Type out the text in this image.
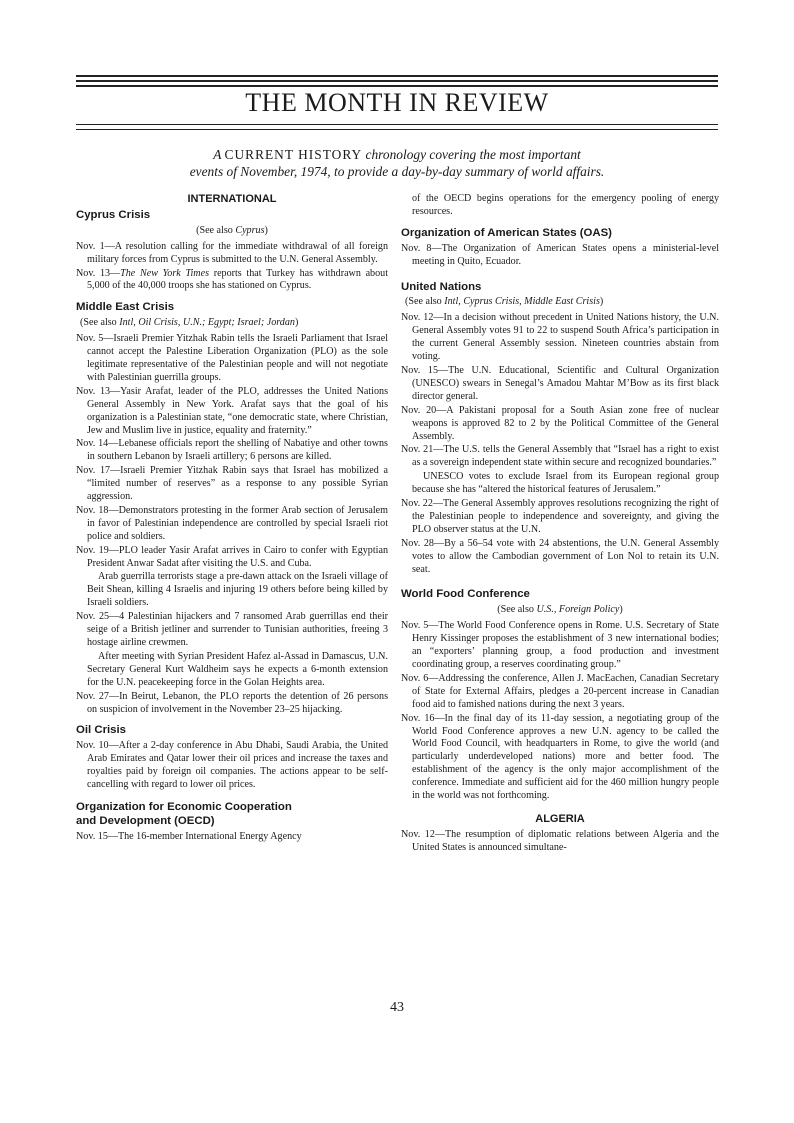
THE MONTH IN REVIEW
A CURRENT HISTORY chronology covering the most important
events of November, 1974, to provide a day-by-day summary of world affairs.
INTERNATIONAL
Cyprus Crisis
(See also Cyprus)
Nov. 1—A resolution calling for the immediate withdrawal of all foreign military forces from Cyprus is submitted to the U.N. General Assembly.
Nov. 13—The New York Times reports that Turkey has withdrawn about 5,000 of the 40,000 troops she has stationed on Cyprus.
Middle East Crisis
(See also Intl, Oil Crisis, U.N.; Egypt; Israel; Jordan)
Nov. 5—Israeli Premier Yitzhak Rabin tells the Israeli Parliament that Israel cannot accept the Palestine Liberation Organization (PLO) as the sole legitimate representative of the Palestinian people and will not negotiate with Palestinian guerrilla groups.
Nov. 13—Yasir Arafat, leader of the PLO, addresses the United Nations General Assembly in New York. Arafat says that the goal of his organization is a Palestinian state, “one democratic state, where Christian, Jew and Muslim live in justice, equality and fraternity.”
Nov. 14—Lebanese officials report the shelling of Nabatiye and other towns in southern Lebanon by Israeli artillery; 6 persons are killed.
Nov. 17—Israeli Premier Yitzhak Rabin says that Israel has mobilized a “limited number of reserves” as a response to any possible Syrian aggression.
Nov. 18—Demonstrators protesting in the former Arab section of Jerusalem in favor of Palestinian independence are controlled by special Israeli riot police and soldiers.
Nov. 19—PLO leader Yasir Arafat arrives in Cairo to confer with Egyptian President Anwar Sadat after visiting the U.S. and Cuba.
Arab guerrilla terrorists stage a pre-dawn attack on the Israeli village of Beit Shean, killing 4 Israelis and injuring 19 others before being killed by Israeli soldiers.
Nov. 25—4 Palestinian hijackers and 7 ransomed Arab guerrillas end their seige of a British jetliner and surrender to Tunisian authorities, freeing 3 hostage airline crewmen.
After meeting with Syrian President Hafez al-Assad in Damascus, U.N. Secretary General Kurt Waldheim says he expects a 6-month extension for the U.N. peacekeeping force in the Golan Heights area.
Nov. 27—In Beirut, Lebanon, the PLO reports the detention of 26 persons on suspicion of involvement in the November 23–25 hijacking.
Oil Crisis
Nov. 10—After a 2-day conference in Abu Dhabi, Saudi Arabia, the United Arab Emirates and Qatar lower their oil prices and increase the taxes and royalties paid by foreign oil companies. The actions appear to be self-cancelling with regard to lower oil prices.
Organization for Economic Cooperation
and Development (OECD)
Nov. 15—The 16-member International Energy Agency
of the OECD begins operations for the emergency pooling of energy resources.
Organization of American States (OAS)
Nov. 8—The Organization of American States opens a ministerial-level meeting in Quito, Ecuador.
United Nations
(See also Intl, Cyprus Crisis, Middle East Crisis)
Nov. 12—In a decision without precedent in United Nations history, the U.N. General Assembly votes 91 to 22 to suspend South Africa’s participation in the current General Assembly session. Nineteen countries abstain from voting.
Nov. 15—The U.N. Educational, Scientific and Cultural Organization (UNESCO) swears in Senegal’s Amadou Mahtar M’Bow as its first black director general.
Nov. 20—A Pakistani proposal for a South Asian zone free of nuclear weapons is approved 82 to 2 by the Political Committee of the General Assembly.
Nov. 21—The U.S. tells the General Assembly that “Israel has a right to exist as a sovereign independent state within secure and recognized boundaries.”
UNESCO votes to exclude Israel from its European regional group because she has “altered the historical features of Jerusalem.”
Nov. 22—The General Assembly approves resolutions recognizing the right of the Palestinian people to independence and sovereignty, and giving the PLO observer status at the U.N.
Nov. 28—By a 56–54 vote with 24 abstentions, the U.N. General Assembly votes to allow the Cambodian government of Lon Nol to retain its U.N. seat.
World Food Conference
(See also U.S., Foreign Policy)
Nov. 5—The World Food Conference opens in Rome. U.S. Secretary of State Henry Kissinger proposes the establishment of 3 new international bodies; an “exporters’ planning group, a food production and investment coordinating group, a reserves coordinating group.”
Nov. 6—Addressing the conference, Allen J. MacEachen, Canadian Secretary of State for External Affairs, pledges a 20-percent increase in Canadian food aid to famished nations during the next 3 years.
Nov. 16—In the final day of its 11-day session, a negotiating group of the World Food Conference approves a new U.N. agency to be called the World Food Council, with headquarters in Rome, to give the world (and particularly underdeveloped nations) more and better food. The establishment of the agency is the only major accomplishment of the conference. Immediate and sufficient aid for the 460 million hungry people in the world was not forthcoming.
ALGERIA
Nov. 12—The resumption of diplomatic relations between Algeria and the United States is announced simultane-
43
